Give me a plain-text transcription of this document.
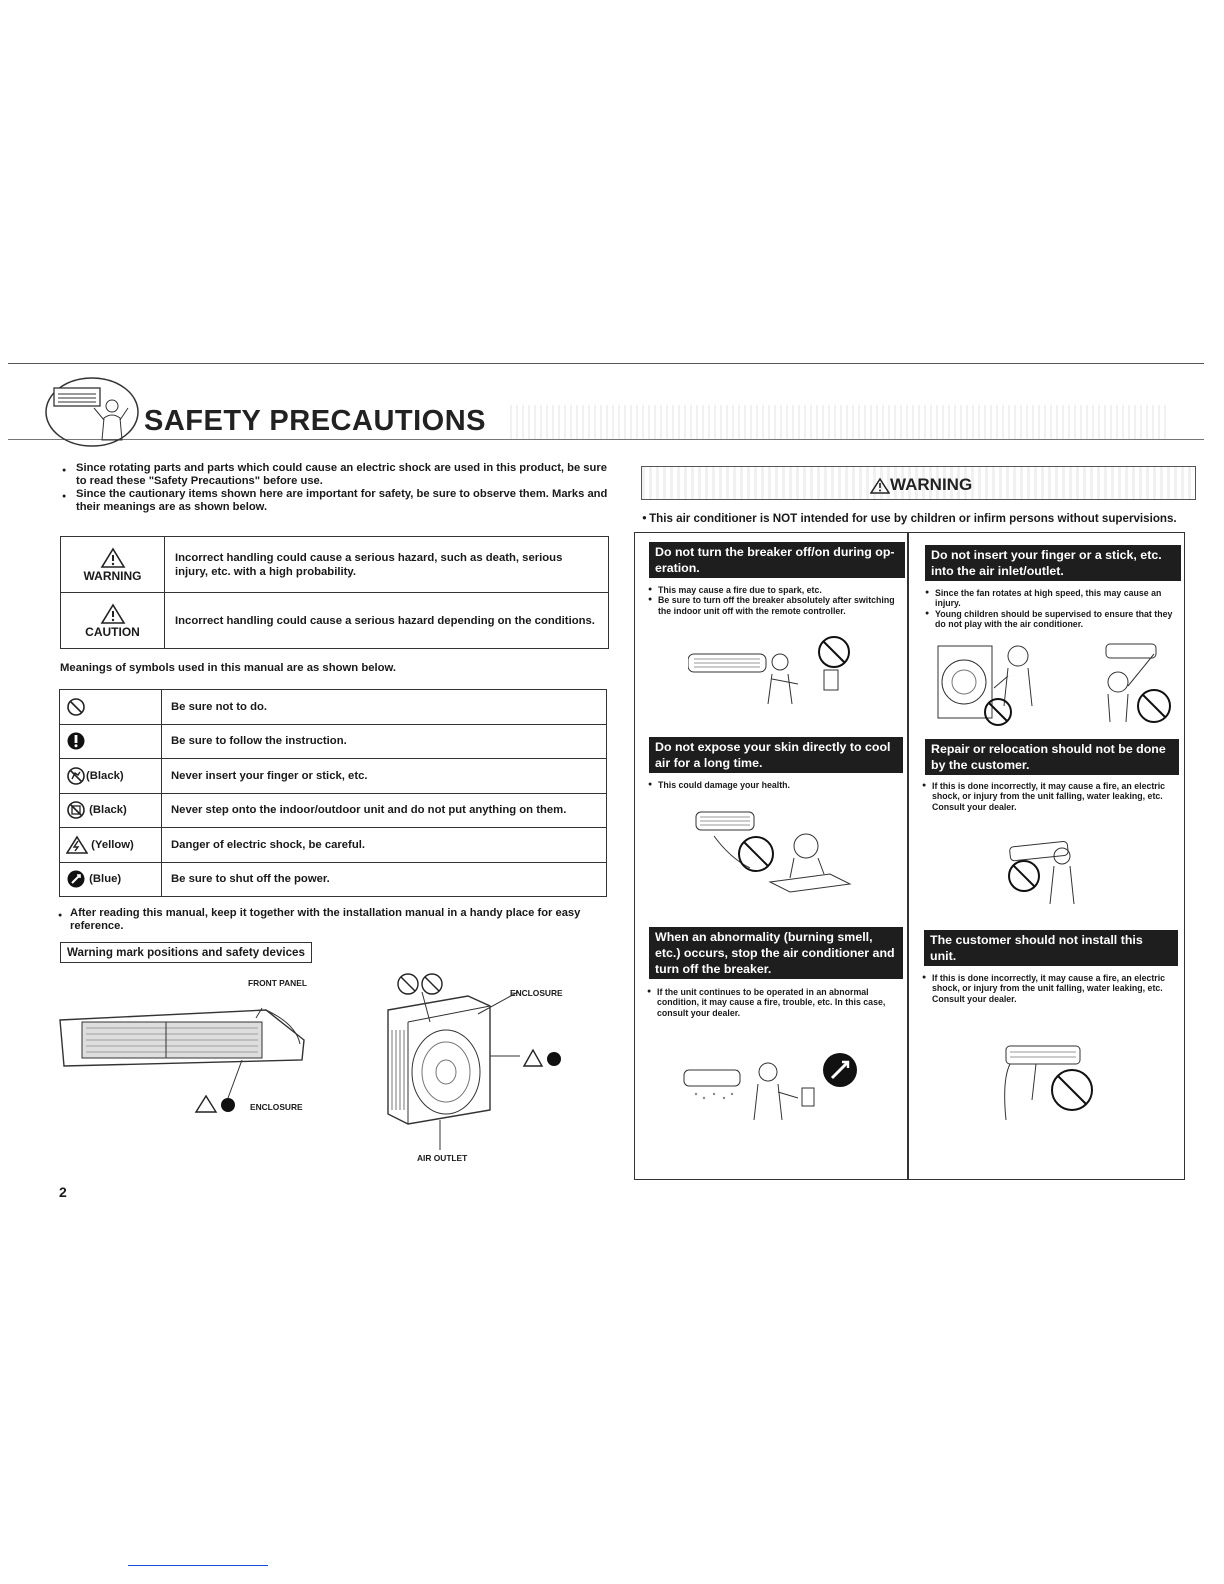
SAFETY PRECAUTIONS
● Since rotating parts and parts which could cause an electric shock are used in this product, be sure to read these "Safety Precautions" before use.
● Since the cautionary items shown here are important for safety, be sure to observe them. Marks and their meanings are as shown below.

WARNING	Incorrect handling could cause a serious hazard, such as death, serious injury, etc. with a high probability.

CAUTION	Incorrect handling could cause a serious hazard depending on the conditions.
Meanings of symbols used in this manual are as shown below.
	Be sure not to do.
	Be sure to follow the instruction.
(Black)	Never insert your finger or stick, etc.
(Black)	Never step onto the indoor/outdoor unit and do not put anything on them.
(Yellow)	Danger of electric shock, be careful.
(Blue)	Be sure to shut off the power.
● After reading this manual, keep it together with the installation manual in a handy place for easy reference.
Warning mark positions and safety devices
FRONT PANEL
ENCLOSURE
ENCLOSURE
AIR OUTLET
2
WARNING
● This air conditioner is NOT intended for use by children or infirm persons without supervisions.
Do not turn the breaker off/on during op-
eration.
● This may cause a fire due to spark, etc.
● Be sure to turn off the breaker absolutely after switching the indoor unit off with the remote controller.
Do not insert your finger or a stick, etc.
into the air inlet/outlet.
● Since the fan rotates at high speed, this may cause an injury.
● Young children should be supervised to ensure that they do not play with the air conditioner.
Do not expose your skin directly to cool
air for a long time.
● This could damage your health.
Repair or relocation should not be done
by the customer.
● If this is done incorrectly, it may cause a fire, an electric shock, or injury from the unit falling, water leaking, etc.
Consult your dealer.
When an abnormality (burning smell,
etc.) occurs, stop the air conditioner and
turn off the breaker.
● If the unit continues to be operated in an abnormal condition, it may cause a fire, trouble, etc. In this case, consult your dealer.
The customer should not install this
unit.
● If this is done incorrectly, it may cause a fire, an electric shock, or injury from the unit falling, water leaking, etc.
Consult your dealer.
